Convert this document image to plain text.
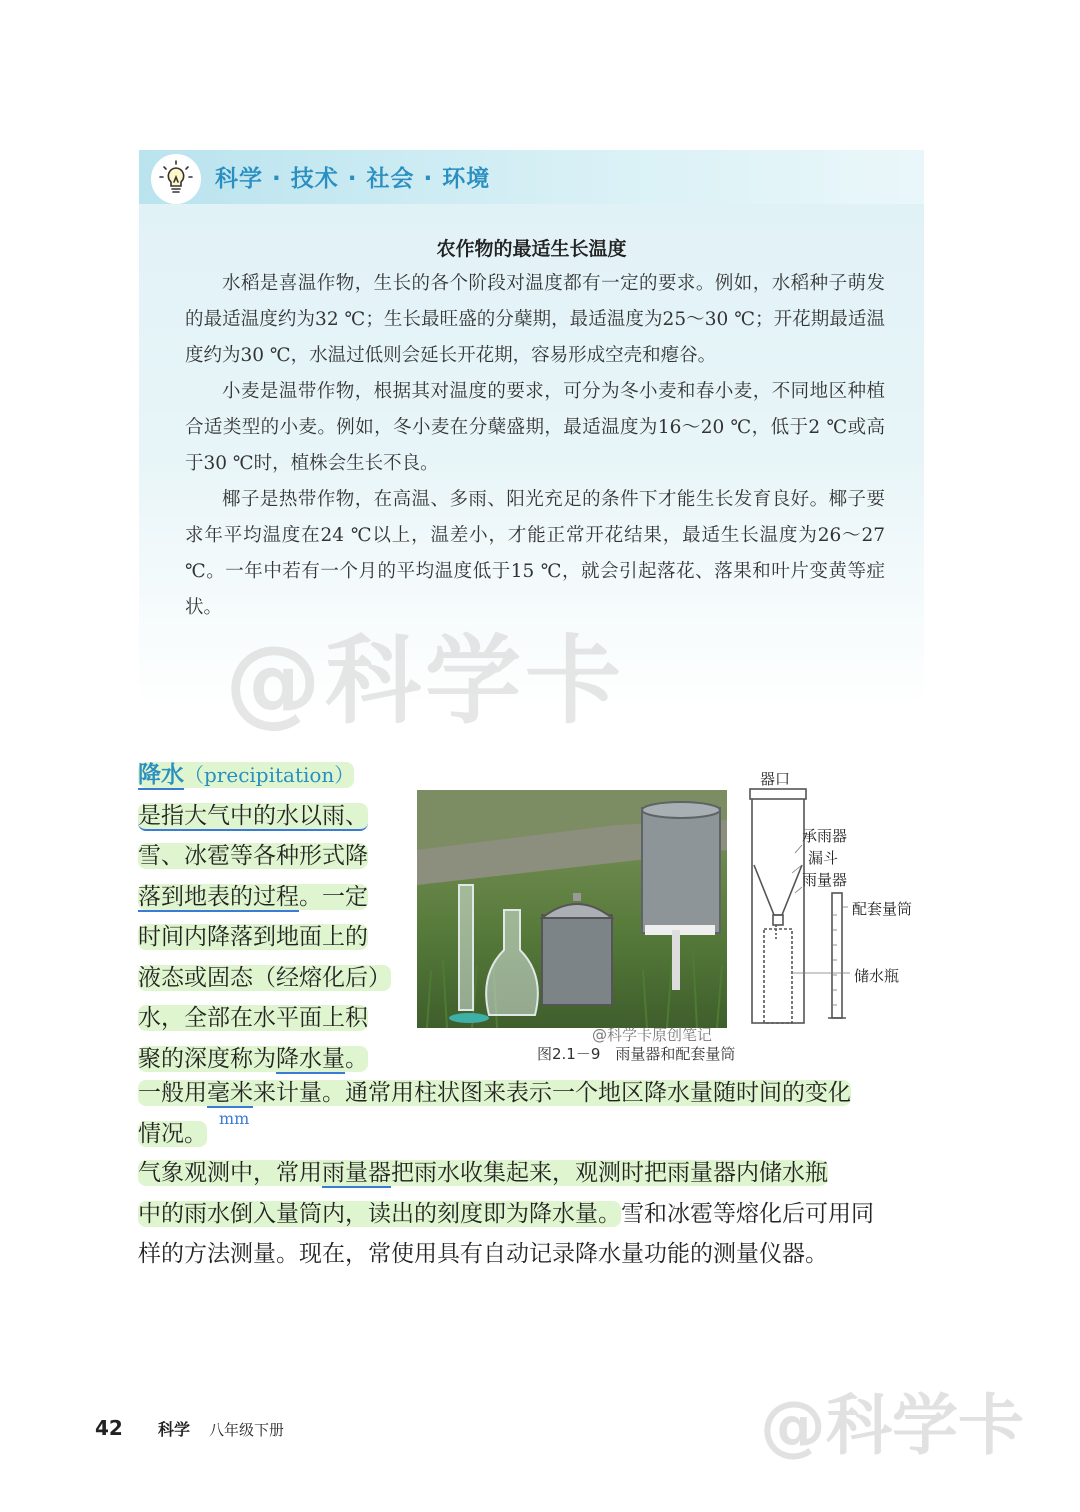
科学 · 技术 · 社会 · 环境
农作物的最适生长温度

水稻是喜温作物，生长的各个阶段对温度都有一定的要求。例如，水稻种子萌发的最适温度约为32 ℃；生长最旺盛的分蘖期，最适温度为25～30 ℃；开花期最适温度约为30 ℃，水温过低则会延长开花期，容易形成空壳和瘪谷。

小麦是温带作物，根据其对温度的要求，可分为冬小麦和春小麦，不同地区种植合适类型的小麦。例如，冬小麦在分蘖盛期，最适温度为16～20 ℃，低于2 ℃或高于30 ℃时，植株会生长不良。

椰子是热带作物，在高温、多雨、阳光充足的条件下才能生长发育良好。椰子要求年平均温度在24 ℃以上，温差小，才能正常开花结果，最适生长温度为26～27 ℃。一年中若有一个月的平均温度低于15 ℃，就会引起落花、落果和叶片变黄等症状。

@科学卡
降水（precipitation）
是指大气中的水以雨、
雪、冰雹等各种形式降
落到地表的过程。一定
时间内降落到地面上的
液态或固态（经熔化后）
水，全部在水平面上积
聚的深度称为降水量。
一般用毫米来计量。通常用柱状图来表示一个地区降水量随时间的变化
情况。
mm
气象观测中，常用雨量器把雨水收集起来，观测时把雨量器内储水瓶
中的雨水倒入量筒内，读出的刻度即为降水量。雪和冰雹等熔化后可用同
样的方法测量。现在，常使用具有自动记录降水量功能的测量仪器。
@科学卡原创笔记
图2.1－9　雨量器和配套量筒
器口
承雨器
漏斗
雨量器
配套量筒
储水瓶
@科学卡
42 科学 八年级下册
